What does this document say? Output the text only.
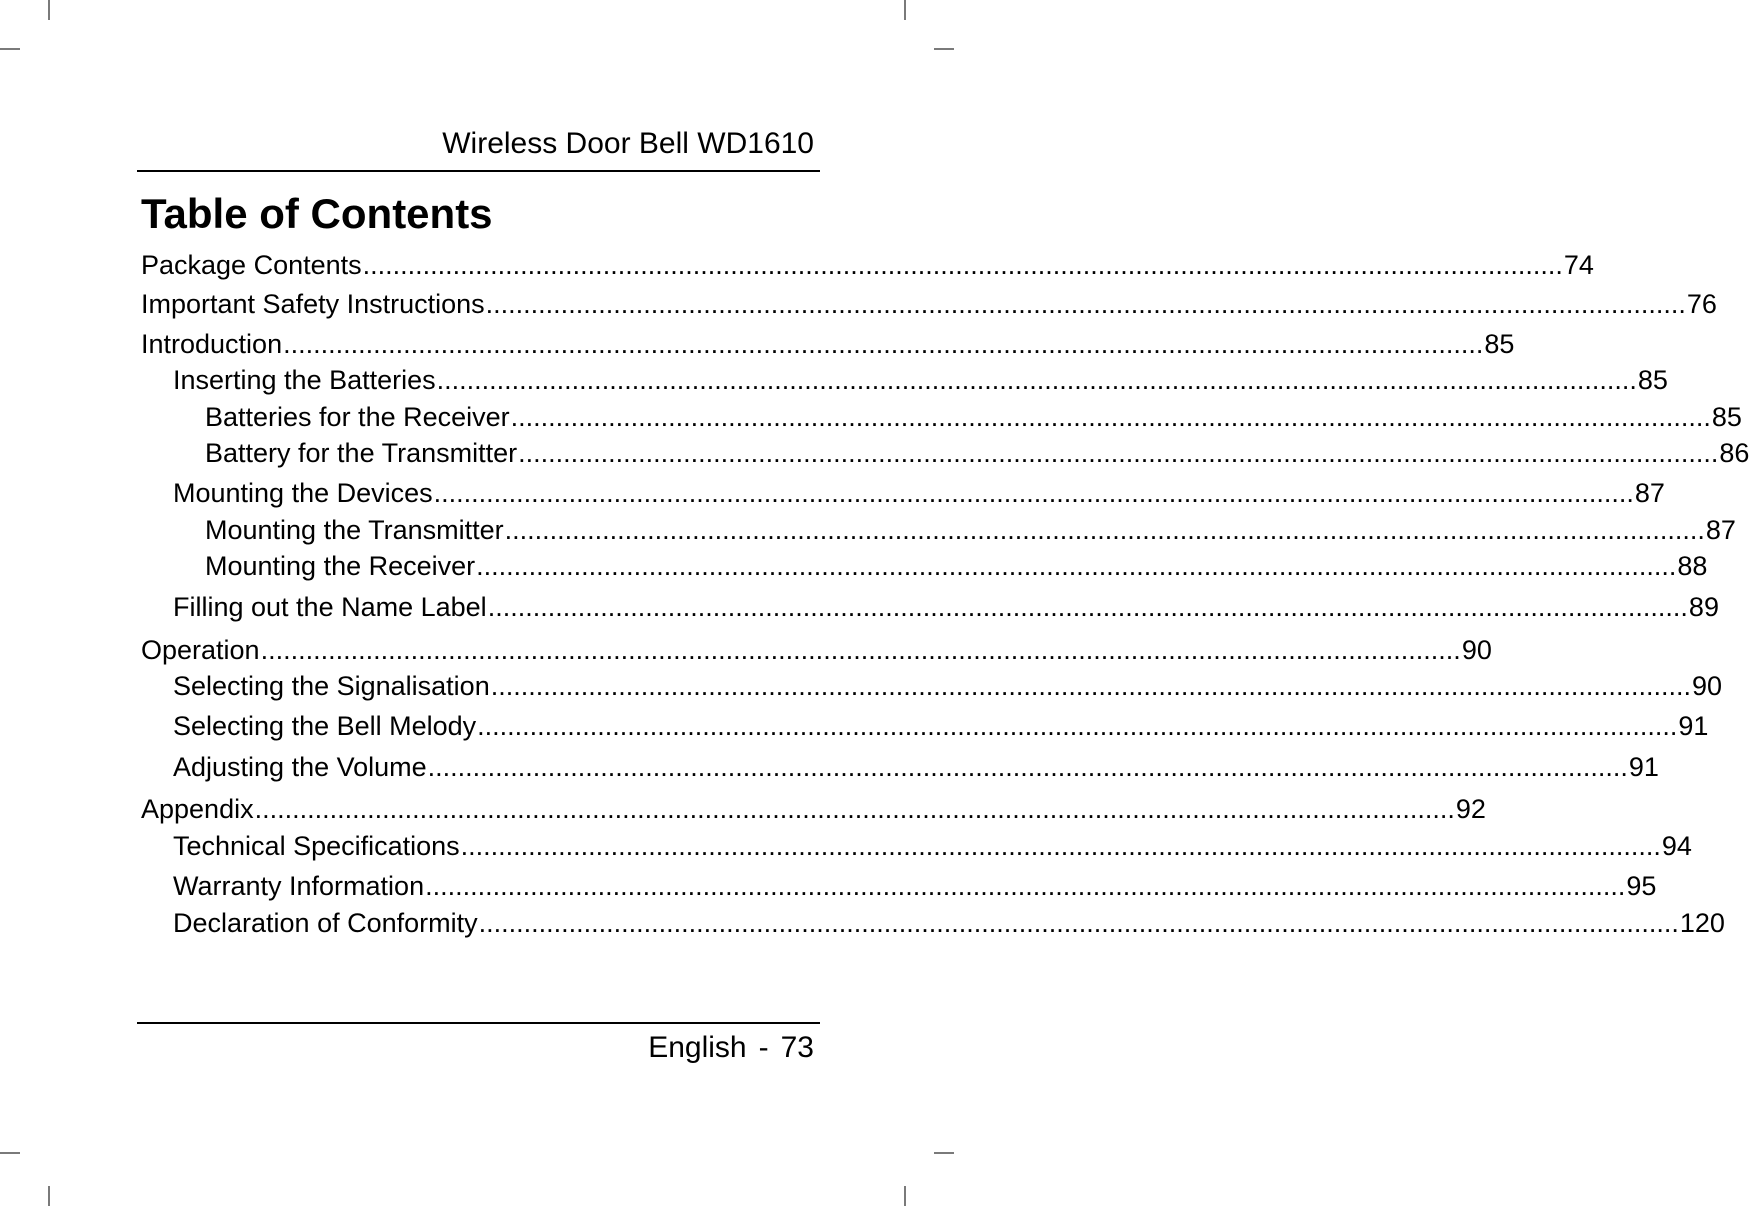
Wireless Door Bell WD1610
Table of Contents
Package Contents ................................................................................................................................................................ 74
Important Safety Instructions ................................................................................................................................................................ 76
Introduction ................................................................................................................................................................ 85
Inserting the Batteries ................................................................................................................................................................ 85
Batteries for the Receiver ................................................................................................................................................................ 85
Battery for the Transmitter ................................................................................................................................................................ 86
Mounting the Devices ................................................................................................................................................................ 87
Mounting the Transmitter ................................................................................................................................................................ 87
Mounting the Receiver ................................................................................................................................................................ 88
Filling out the Name Label ................................................................................................................................................................ 89
Operation ................................................................................................................................................................ 90
Selecting the Signalisation ................................................................................................................................................................ 90
Selecting the Bell Melody ................................................................................................................................................................ 91
Adjusting the Volume ................................................................................................................................................................ 91
Appendix ................................................................................................................................................................ 92
Technical Specifications ................................................................................................................................................................ 94
Warranty Information ................................................................................................................................................................ 95
Declaration of Conformity ................................................................................................................................................................ 120
English - 73
